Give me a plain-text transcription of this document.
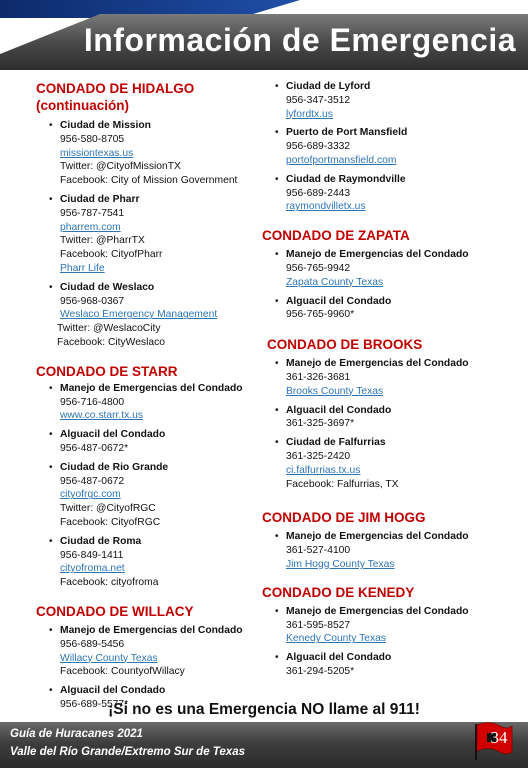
Información de Emergencia
CONDADO DE HIDALGO
(continuación)
• Ciudad de Mission
956-580-8705
missiontexas.us
Twitter: @CityofMissionTX
Facebook: City of Mission Government
• Ciudad de Pharr
956-787-7541
pharrem.com
Twitter: @PharrTX
Facebook: CityofPharr
Pharr Life
• Ciudad de Weslaco
956-968-0367
Weslaco Emergency Management
Twitter: @WeslacoCity
Facebook: CityWeslaco
CONDADO DE STARR
• Manejo de Emergencias del Condado
956-716-4800
www.co.starr.tx.us
• Alguacil del Condado
956-487-0672*
• Ciudad de Rio Grande
956-487-0672
cityofrgc.com
Twitter: @CityofRGC
Facebook: CityofRGC
• Ciudad de Roma
956-849-1411
cityofroma.net
Facebook: cityofroma
CONDADO DE WILLACY
• Manejo de Emergencias del Condado
956-689-5456
Willacy County Texas
Facebook: CountyofWillacy
• Alguacil del Condado
956-689-5577*
• Ciudad de Lyford
956-347-3512
lyfordtx.us
• Puerto de Port Mansfield
956-689-3332
portofportmansfield.com
• Ciudad de Raymondville
956-689-2443
raymondvilletx.us
CONDADO DE ZAPATA
• Manejo de Emergencias del Condado
956-765-9942
Zapata County Texas
• Alguacil del Condado
956-765-9960*
CONDADO DE BROOKS
• Manejo de Emergencias del Condado
361-326-3681
Brooks County Texas
• Alguacil del Condado
361-325-3697*
• Ciudad de Falfurrias
361-325-2420
ci.falfurrias.tx.us
Facebook: Falfurrias, TX
CONDADO DE JIM HOGG
• Manejo de Emergencias del Condado
361-527-4100
Jim Hogg County Texas
CONDADO DE KENEDY
• Manejo de Emergencias del Condado
361-595-8527
Kenedy County Texas
• Alguacil del Condado
361-294-5205*
¡Si no es una Emergencia NO llame al 911!
Guía de Huracanes 2021
Valle del Río Grande/Extremo Sur de Texas
34
